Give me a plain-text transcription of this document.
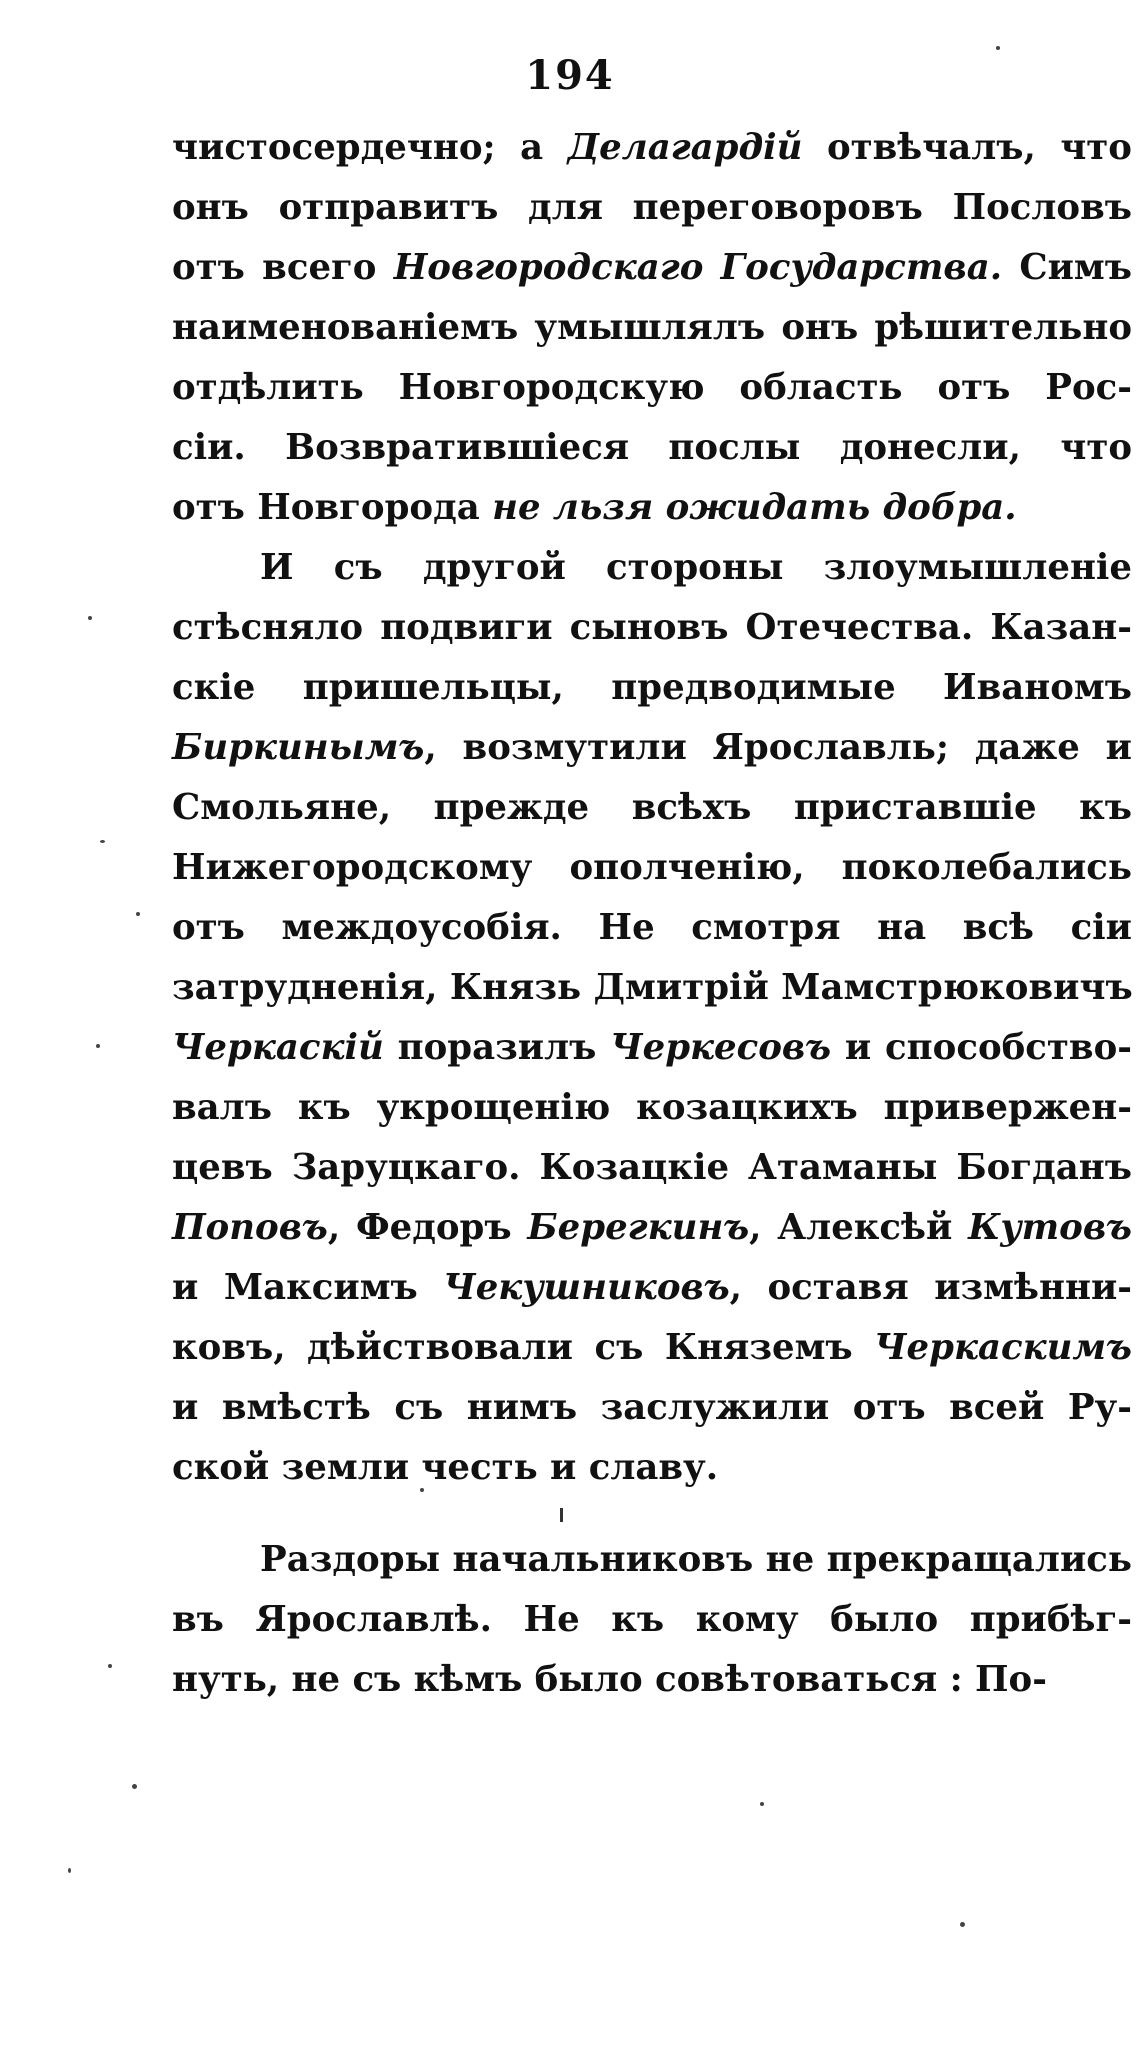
194
чистосердечно; а Делагардій отвѣчалъ, что
онъ отправитъ для переговоровъ Пословъ
отъ всего Новгородскаго Государства. Симъ
наименованіемъ умышлялъ онъ рѣшительно
отдѣлить Новгородскую область отъ Рос-
сіи. Возвратившіеся послы донесли, что
отъ Новгорода не льзя ожидать добра.
И съ другой стороны злоумышленіе
стѣсняло подвиги сыновъ Отечества. Казан-
скіе пришельцы, предводимые Иваномъ
Биркинымъ, возмутили Ярославль; даже и
Смольяне, прежде всѣхъ приставшіе къ
Нижегородскому ополченію, поколебались
отъ междоусобія. Не смотря на всѣ сіи
затрудненія, Князь Дмитрій Мамстрюковичъ
Черкаскій поразилъ Черкесовъ и способство-
валъ къ укрощенію козацкихъ привержен-
цевъ Заруцкаго. Козацкіе Атаманы Богданъ
Поповъ, Федоръ Берегкинъ, Алексѣй Кутовъ
и Максимъ Чекушниковъ, оставя измѣнни-
ковъ, дѣйствовали съ Княземъ Черкаскимъ
и вмѣстѣ съ нимъ заслужили отъ всей Ру-
ской земли честь и славу.
Раздоры начальниковъ не прекращались
въ Ярославлѣ. Не къ кому было прибѣг-
нуть, не съ кѣмъ было совѣтоваться : По-
